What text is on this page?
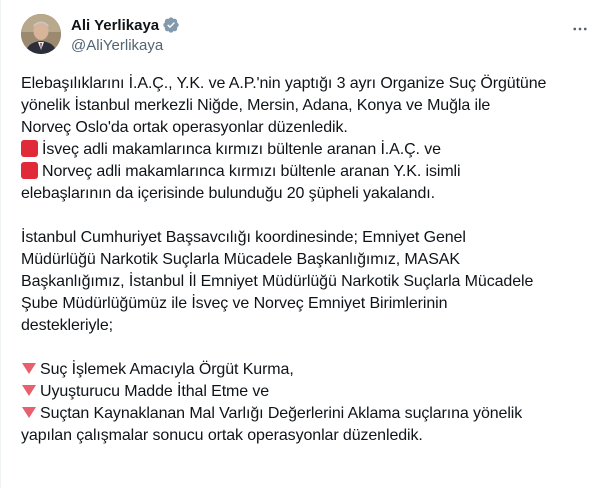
Ali Yerlikaya
@AliYerlikaya
Elebaşılıklarını İ.A.Ç., Y.K. ve A.P.'nin yaptığı 3 ayrı Organize Suç Örgütüne
yönelik İstanbul merkezli Niğde, Mersin, Adana, Konya ve Muğla ile
Norveç Oslo'da ortak operasyonlar düzenledik.
İsveç adli makamlarınca kırmızı bültenle aranan İ.A.Ç. ve
Norveç adli makamlarınca kırmızı bültenle aranan Y.K. isimli
elebaşlarının da içerisinde bulunduğu 20 şüpheli yakalandı.
İstanbul Cumhuriyet Başsavcılığı koordinesinde; Emniyet Genel
Müdürlüğü Narkotik Suçlarla Mücadele Başkanlığımız, MASAK
Başkanlığımız, İstanbul İl Emniyet Müdürlüğü Narkotik Suçlarla Mücadele
Şube Müdürlüğümüz ile İsveç ve Norveç Emniyet Birimlerinin
destekleriyle;
Suç İşlemek Amacıyla Örgüt Kurma,
Uyuşturucu Madde İthal Etme ve
Suçtan Kaynaklanan Mal Varlığı Değerlerini Aklama suçlarına yönelik
yapılan çalışmalar sonucu ortak operasyonlar düzenledik.
